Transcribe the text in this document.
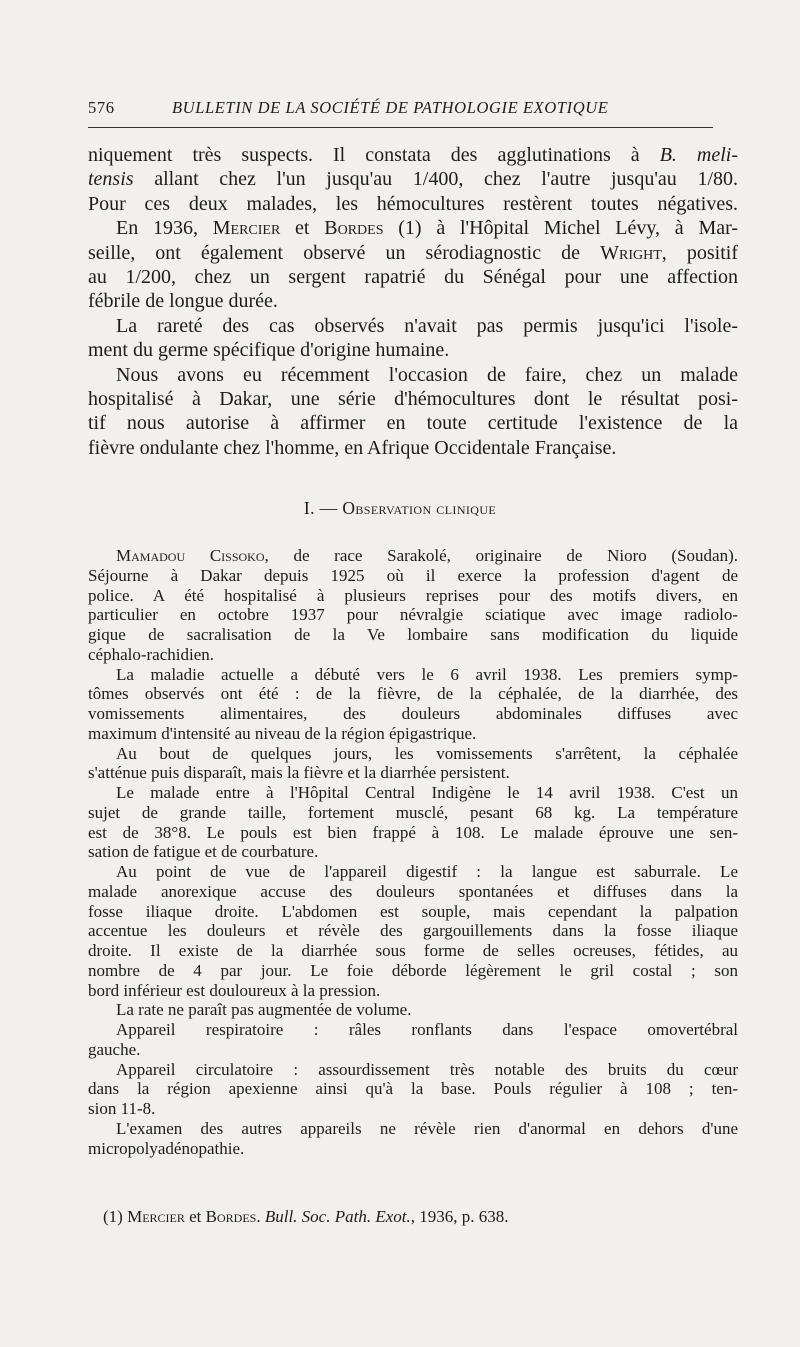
576	BULLETIN DE LA SOCIÉTÉ DE PATHOLOGIE EXOTIQUE
niquement très suspects. Il constata des agglutinations à B. meli-
tensis allant chez l'un jusqu'au 1/400, chez l'autre jusqu'au 1/80.
Pour ces deux malades, les hémocultures restèrent toutes négatives.
En 1936, Mercier et Bordes (1) à l'Hôpital Michel Lévy, à Mar-
seille, ont également observé un sérodiagnostic de Wright, positif
au 1/200, chez un sergent rapatrié du Sénégal pour une affection
fébrile de longue durée.
La rareté des cas observés n'avait pas permis jusqu'ici l'isole-
ment du germe spécifique d'origine humaine.
Nous avons eu récemment l'occasion de faire, chez un malade
hospitalisé à Dakar, une série d'hémocultures dont le résultat posi-
tif nous autorise à affirmer en toute certitude l'existence de la
fièvre ondulante chez l'homme, en Afrique Occidentale Française.
I. — Observation clinique
Mamadou Cissoko, de race Sarakolé, originaire de Nioro (Soudan).
Séjourne à Dakar depuis 1925 où il exerce la profession d'agent de
police. A été hospitalisé à plusieurs reprises pour des motifs divers, en
particulier en octobre 1937 pour névralgie sciatique avec image radiolo-
gique de sacralisation de la Ve lombaire sans modification du liquide
céphalo-rachidien.
La maladie actuelle a débuté vers le 6 avril 1938. Les premiers symp-
tômes observés ont été : de la fièvre, de la céphalée, de la diarrhée, des
vomissements alimentaires, des douleurs abdominales diffuses avec
maximum d'intensité au niveau de la région épigastrique.
Au bout de quelques jours, les vomissements s'arrêtent, la céphalée
s'atténue puis disparaît, mais la fièvre et la diarrhée persistent.
Le malade entre à l'Hôpital Central Indigène le 14 avril 1938. C'est un
sujet de grande taille, fortement musclé, pesant 68 kg. La température
est de 38°8. Le pouls est bien frappé à 108. Le malade éprouve une sen-
sation de fatigue et de courbature.
Au point de vue de l'appareil digestif : la langue est saburrale. Le
malade anorexique accuse des douleurs spontanées et diffuses dans la
fosse iliaque droite. L'abdomen est souple, mais cependant la palpation
accentue les douleurs et révèle des gargouillements dans la fosse iliaque
droite. Il existe de la diarrhée sous forme de selles ocreuses, fétides, au
nombre de 4 par jour. Le foie déborde légèrement le gril costal ; son
bord inférieur est douloureux à la pression.
La rate ne paraît pas augmentée de volume.
Appareil respiratoire : râles ronflants dans l'espace omovertébral
gauche.
Appareil circulatoire : assourdissement très notable des bruits du cœur
dans la région apexienne ainsi qu'à la base. Pouls régulier à 108 ; ten-
sion 11-8.
L'examen des autres appareils ne révèle rien d'anormal en dehors d'une
micropolyadénopathie.
(1) Mercier et Bordes. Bull. Soc. Path. Exot., 1936, p. 638.
